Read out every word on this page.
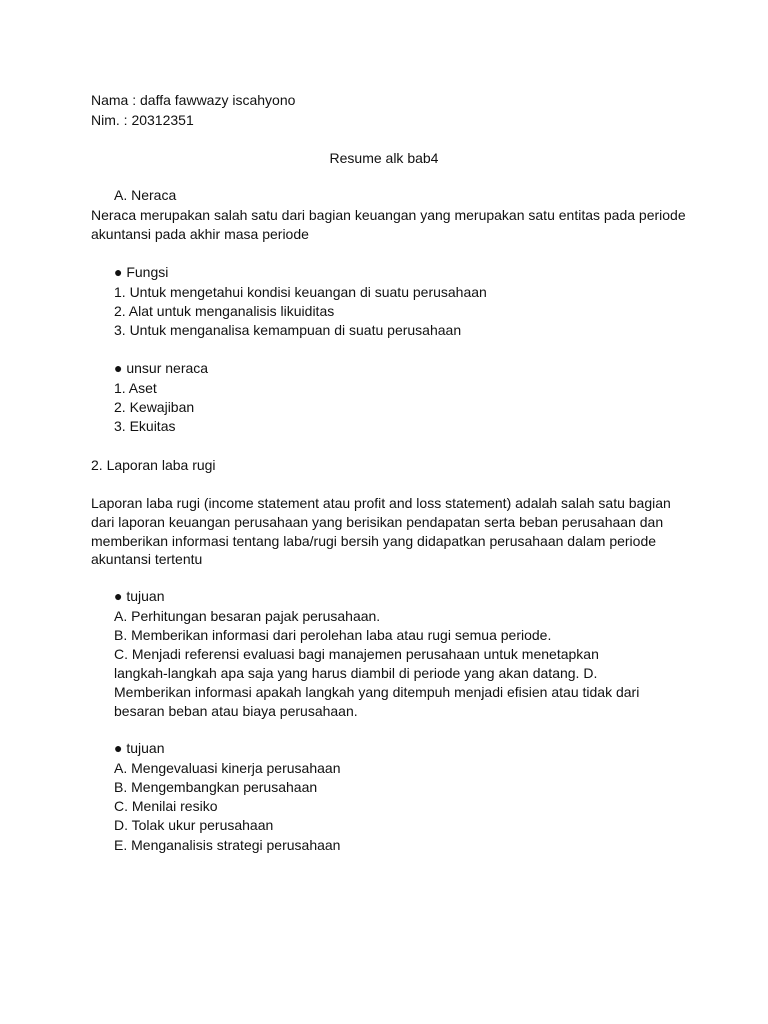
Nama : daffa fawwazy iscahyono
Nim. : 20312351
Resume alk bab4
A. Neraca
Neraca merupakan salah satu dari bagian keuangan yang merupakan satu entitas pada periode
akuntansi pada akhir masa periode
● Fungsi
1. Untuk mengetahui kondisi keuangan di suatu perusahaan
2. Alat untuk menganalisis likuiditas
3. Untuk menganalisa kemampuan di suatu perusahaan
● unsur neraca
1. Aset
2. Kewajiban
3. Ekuitas
2. Laporan laba rugi
Laporan laba rugi (income statement atau profit and loss statement) adalah salah satu bagian
dari laporan keuangan perusahaan yang berisikan pendapatan serta beban perusahaan dan
memberikan informasi tentang laba/rugi bersih yang didapatkan perusahaan dalam periode
akuntansi tertentu
● tujuan
A. Perhitungan besaran pajak perusahaan.
B. Memberikan informasi dari perolehan laba atau rugi semua periode.
C. Menjadi referensi evaluasi bagi manajemen perusahaan untuk menetapkan
langkah-langkah apa saja yang harus diambil di periode yang akan datang. D.
Memberikan informasi apakah langkah yang ditempuh menjadi efisien atau tidak dari
besaran beban atau biaya perusahaan.
● tujuan
A. Mengevaluasi kinerja perusahaan
B. Mengembangkan perusahaan
C. Menilai resiko
D. Tolak ukur perusahaan
E. Menganalisis strategi perusahaan
